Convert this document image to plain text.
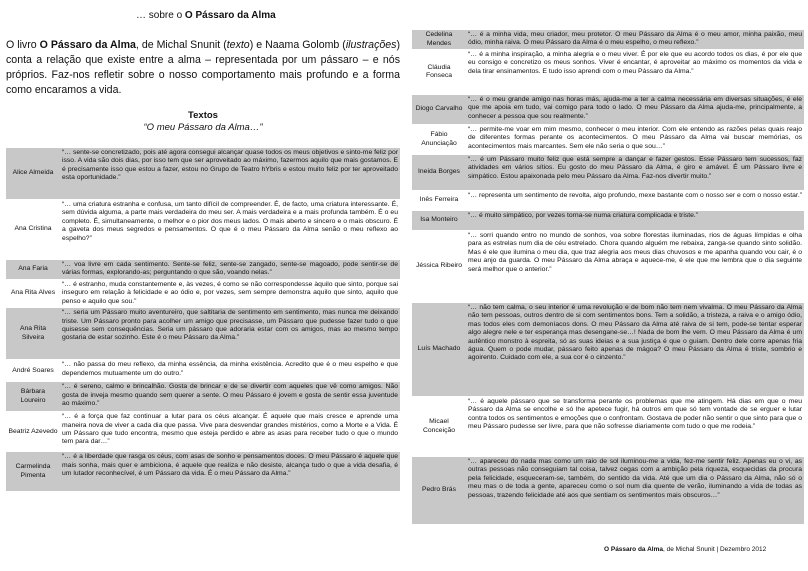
… sobre o O Pássaro da Alma
O livro O Pássaro da Alma, de Michal Snunit (texto) e Naama Golomb (ilustrações) conta a relação que existe entre a alma – representada por um pássaro – e nós próprios. Faz-nos refletir sobre o nosso comportamento mais profundo e a forma como encaramos a vida.
Textos
“O meu Pássaro da Alma…”
Alice Almeida
“… sente-se concretizado, pois até agora consegui alcançar quase todos os meus objetivos e sinto-me feliz por isso. A vida são dois dias, por isso tem que ser aproveitado ao máximo, fazermos aquilo que mais gostamos. E é precisamente isso que estou a fazer, estou no Grupo de Teatro hYbris e estou muito feliz por ter aproveitado esta oportunidade.”
Ana Cristina
“… uma criatura estranha e confusa, um tanto difícil de compreender. É, de facto, uma criatura interessante. É, sem dúvida alguma, a parte mais verdadeira do meu ser. A mais verdadeira e a mais profunda também. É o eu completo. É, simultaneamente, o melhor e o pior dos meus lados. O mais aberto e sincero e o mais obscuro. É a gaveta dos meus segredos e pensamentos. O que é o meu Pássaro da Alma senão o meu reflexo ao espelho?”
Ana Faria
“… voa livre em cada sentimento. Sente-se feliz, sente-se zangado, sente-se magoado, pode sentir-se de várias formas, explorando-as; perguntando o que são, voando nelas.”
Ana Rita Alves
“… é estranho, muda constantemente e, às vezes, é como se não correspondesse àquilo que sinto, porque sai inseguro em relação à felicidade e ao ódio e, por vezes, sem sempre demonstra aquilo que sinto, aquilo que penso e aquilo que sou.”
Ana Rita Silveira
“… seria um Pássaro muito aventureiro, que saltitaria de sentimento em sentimento, mas nunca me deixando triste. Um Pássaro pronto para acolher um amigo que precisasse, um Pássaro que pudesse fazer tudo o que quisesse sem consequências. Seria um pássaro que adoraria estar com os amigos, mas ao mesmo tempo gostaria de estar sozinho. Este é o meu Pássaro da Alma.”
André Soares
“… não passa do meu reflexo, da minha essência, da minha existência. Acredito que é o meu espelho e que dependemos mutuamente um do outro.”
Bárbara Loureiro
“… é sereno, calmo e brincalhão. Gosta de brincar e de se divertir com aqueles que vê como amigos. Não gosta de inveja mesmo quando sem querer a sente. O meu Pássaro é jovem e gosta de sentir essa juventude ao máximo.”
Beatriz Azevedo
“… é a força que faz continuar a lutar para os céus alcançar. É aquele que mais cresce e aprende uma maneira nova de viver a cada dia que passa. Vive para desvendar grandes mistérios, como a Morte e a Vida. É um Pássaro que tudo encontra, mesmo que esteja perdido e abre as asas para receber tudo o que o mundo tem para dar…”
Carmelinda Pimenta
“… é a liberdade que rasga os céus, com asas de sonho e pensamentos doces. O meu Pássaro é aquele que mais sonha, mais quer e ambiciona, é aquele que realiza e não desiste, alcança tudo o que a vida desafia, é um lutador reconhecível, é um Pássaro da vida. É o meu Pássaro da Alma.”
Cedelina Mendes
“… é a minha vida, meu criador, meu protetor. O meu Pássaro da Alma é o meu amor, minha paixão, meu ódio, minha raiva. O meu Pássaro da Alma é o meu espelho, o meu reflexo.”
Cláudia Fonseca
“… é a minha inspiração, a minha alegria e o meu viver. É por ele que eu acordo todos os dias, é por ele que eu consigo e concretizo os meus sonhos. Viver é encantar, é aproveitar ao máximo os momentos da vida e dela tirar ensinamentos. E tudo isso aprendi com o meu Pássaro da Alma.”
Diogo Carvalho
“… é o meu grande amigo nas horas más, ajuda-me a ter a calma necessária em diversas situações, é ele que me apoia em tudo, vai comigo para todo o lado. O meu Pássaro da Alma ajuda-me, principalmente, a conhecer a pessoa que sou realmente.”
Fábio Anunciação
“… permite-me voar em mim mesmo, conhecer o meu interior. Com ele entendo as razões pelas quais reajo de diferentes formas perante os acontecimentos. O meu Pássaro da Alma vai buscar memórias, os acontecimentos mais marcantes. Sem ele não seria o que sou…”
Ineida Borges
“… é um Pássaro muito feliz que está sempre a dançar e fazer gestos. Esse Pássaro tem sucessos, faz atividades em vários sítios. Eu gosto do meu Pássaro da Alma, é giro e amável. É um Pássaro livre e simpático. Estou apaixonada pelo meu Pássaro da Alma. Faz-nos divertir muito.”
Inês Ferreira
“… representa um sentimento de revolta, algo profundo, mexe bastante com o nosso ser e com o nosso estar.”
Isa Monteiro
“… é muito simpático, por vezes torna-se numa criatura complicada e triste.”
Jéssica Ribeiro
“… sorri quando entro no mundo de sonhos, voa sobre florestas iluminadas, rios de águas límpidas e olha para as estrelas num dia de céu estrelado. Chora quando alguém me rebaixa, zanga-se quando sinto solidão. Mas é ele que ilumina o meu dia, que traz alegria aos meus dias chuvosos e me apanha quando vou cair, é o meu anjo da guarda. O meu Pássaro da Alma abraça e aquece-me, é ele que me lembra que o dia seguinte será melhor que o anterior.”
Luís Machado
“… não tem calma, o seu interior é uma revolução e de bom não tem nem vivalma. O meu Pássaro da Alma não tem pessoas, outros dentro de si com sentimentos bons. Tem a solidão, a tristeza, a raiva e o amigo ódio, mas todos eles com demoníacos dons. O meu Pássaro da Alma até raiva de si tem, pode-se tentar esperar algo alegre nele e ter esperança mas desengane-se…! Nada de bom lhe vem. O meu Pássaro da Alma é um autêntico monstro à espreita, só as suas ideias e a sua justiça é que o guiam. Dentro dele corre apenas fria água. Quem o pode mudar, pássaro feito apenas de mágoa? O meu Pássaro da Alma é triste, sombrio e agoirento. Cuidado com ele, a sua cor é o cinzento.”
Micael Conceição
“… é aquele pássaro que se transforma perante os problemas que me atingem. Há dias em que o meu Pássaro da Alma se encolhe e só lhe apetece fugir, há outros em que só tem vontade de se erguer e lutar contra todos os sentimentos e emoções que o confrontam. Gostava de poder não sentir o que sinto para que o meu Pássaro pudesse ser livre, para que não sofresse diariamente com tudo o que me rodeia.”
Pedro Brás
“… apareceu do nada mas como um raio de sol iluminou-me a vida, fez-me sentir feliz. Apenas eu o vi, as outras pessoas não conseguiam tal coisa, talvez cegas com a ambição pela riqueza, esquecidas da procura pela felicidade, esqueceram-se, também, do sentido da vida. Até que um dia o Pássaro da Alma, não só o meu mas o de toda a gente, apareceu como o sol num dia quente de verão, iluminando a vida de todas as pessoas, trazendo felicidade até aos que sentiam os sentimentos mais obscuros…”
O Pássaro da Alma, de Michal Snunit | Dezembro 2012
